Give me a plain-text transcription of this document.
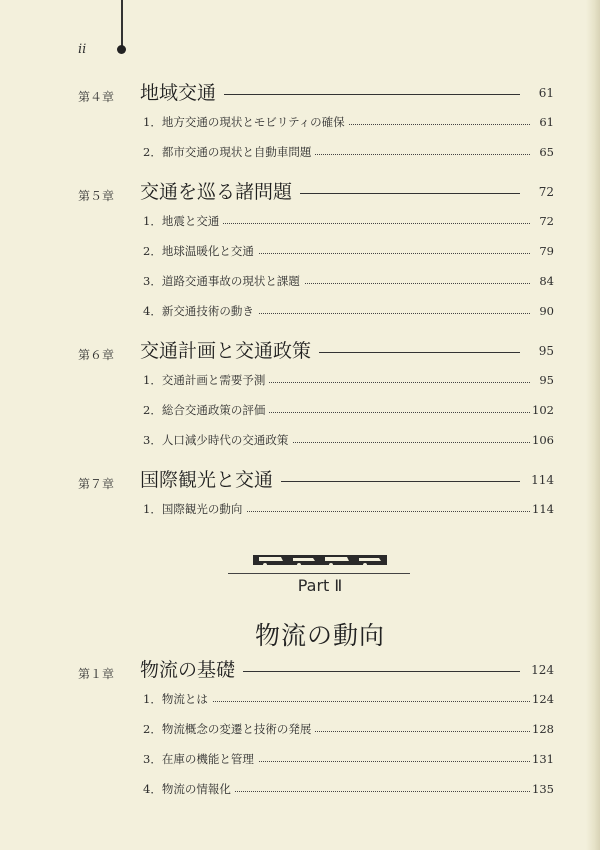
ii
第４章 地域交通	61
1．地方交通の現状とモビリティの確保	61
2．都市交通の現状と自動車問題	65
第５章 交通を巡る諸問題	72
1．地震と交通	72
2．地球温暖化と交通	79
3．道路交通事故の現状と課題	84
4．新交通技術の動き	90
第６章 交通計画と交通政策	95
1．交通計画と需要予測	95
2．総合交通政策の評価	102
3．人口減少時代の交通政策	106
第７章 国際観光と交通	114
1．国際観光の動向	114
Part Ⅱ
物流の動向
第１章 物流の基礎	124
1．物流とは	124
2．物流概念の変遷と技術の発展	128
3．在庫の機能と管理	131
4．物流の情報化	135
